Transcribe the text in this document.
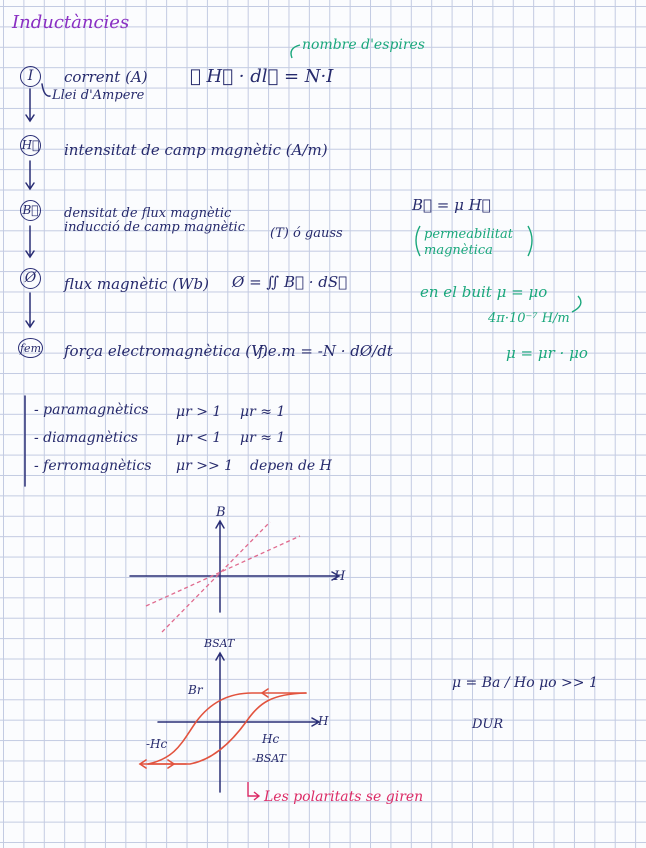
Inductàncies
I	corrent (A)
Llei d'Ampere
∮ H⃗ · dl⃗ = N·I
nombre d'espires
H⃗ intensitat de camp magnètic (A/m)
B⃗ densitat de flux magnètic
inducció de camp magnètic (T) ó gauss
Ø	flux magnètic (Wb) Ø = ∬ B⃗ · dS⃗
fem força electromagnètica (V)
f.e.m = -N · dØ/dt
B⃗ = μ H⃗
permeabilitat
magnètica
en el buit μ = μo
4π·10⁻⁷ H/m
μ = μr · μo
- paramagnètics μr > 1 μr ≈ 1
- diamagnètics	μr < 1 μr ≈ 1
- ferromagnètics μr >> 1 depen de H
B
H
BSAT
Br
H
-Hc	Hc
-BSAT
Les polaritats se giren
μ = Ba / Ho μo >> 1
DUR
